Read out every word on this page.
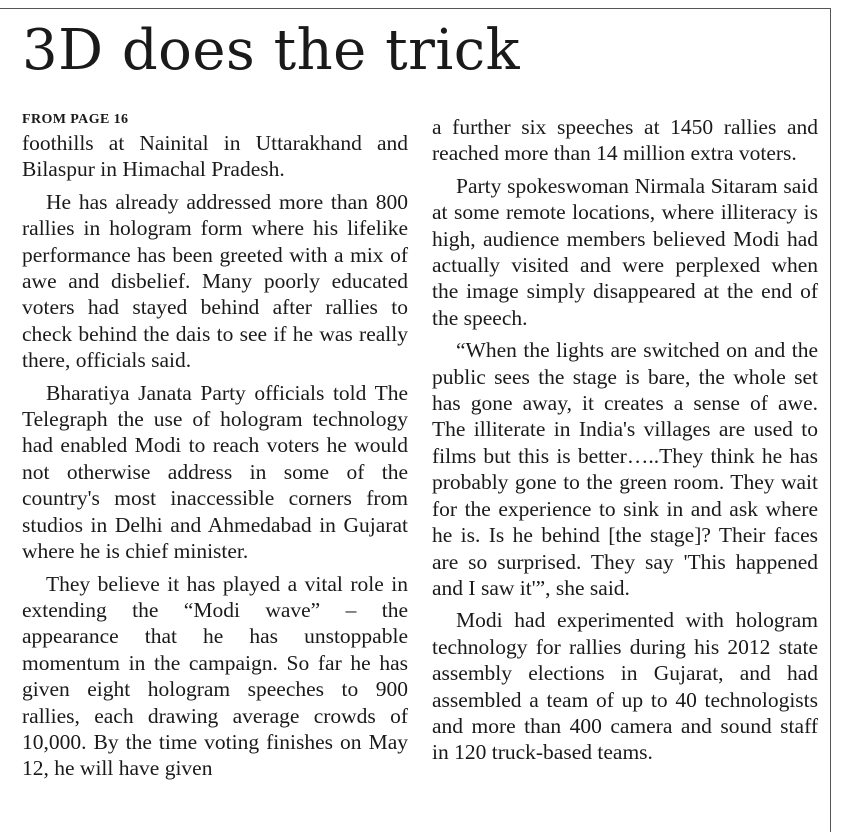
3D does the trick
FROM PAGE 16

foothills at Nainital in Uttarakhand and Bilaspur in Himachal Pradesh.

He has already addressed more than 800 rallies in hologram form where his lifelike performance has been greeted with a mix of awe and disbelief. Many poorly educated voters had stayed behind after rallies to check behind the dais to see if he was really there, officials said.

Bharatiya Janata Party officials told The Telegraph the use of hologram technology had enabled Modi to reach voters he would not otherwise address in some of the country's most inaccessible corners from studios in Delhi and Ahmedabad in Gujarat where he is chief minister.

They believe it has played a vital role in extending the “Modi wave” – the appearance that he has unstoppable momentum in the campaign. So far he has given eight hologram speeches to 900 rallies, each drawing average crowds of 10,000. By the time voting finishes on May 12, he will have given

a further six speeches at 1450 rallies and reached more than 14 million extra voters.

Party spokeswoman Nirmala Sitaram said at some remote locations, where illiteracy is high, audience members believed Modi had actually visited and were perplexed when the image simply disappeared at the end of the speech.

“When the lights are switched on and the public sees the stage is bare, the whole set has gone away, it creates a sense of awe. The illiterate in India's villages are used to films but this is better…..They think he has probably gone to the green room. They wait for the experience to sink in and ask where he is. Is he behind [the stage]? Their faces are so surprised. They say 'This happened and I saw it'”, she said.

Modi had experimented with hologram technology for rallies during his 2012 state assembly elections in Gujarat, and had assembled a team of up to 40 technologists and more than 400 camera and sound staff in 120 truck-based teams.
